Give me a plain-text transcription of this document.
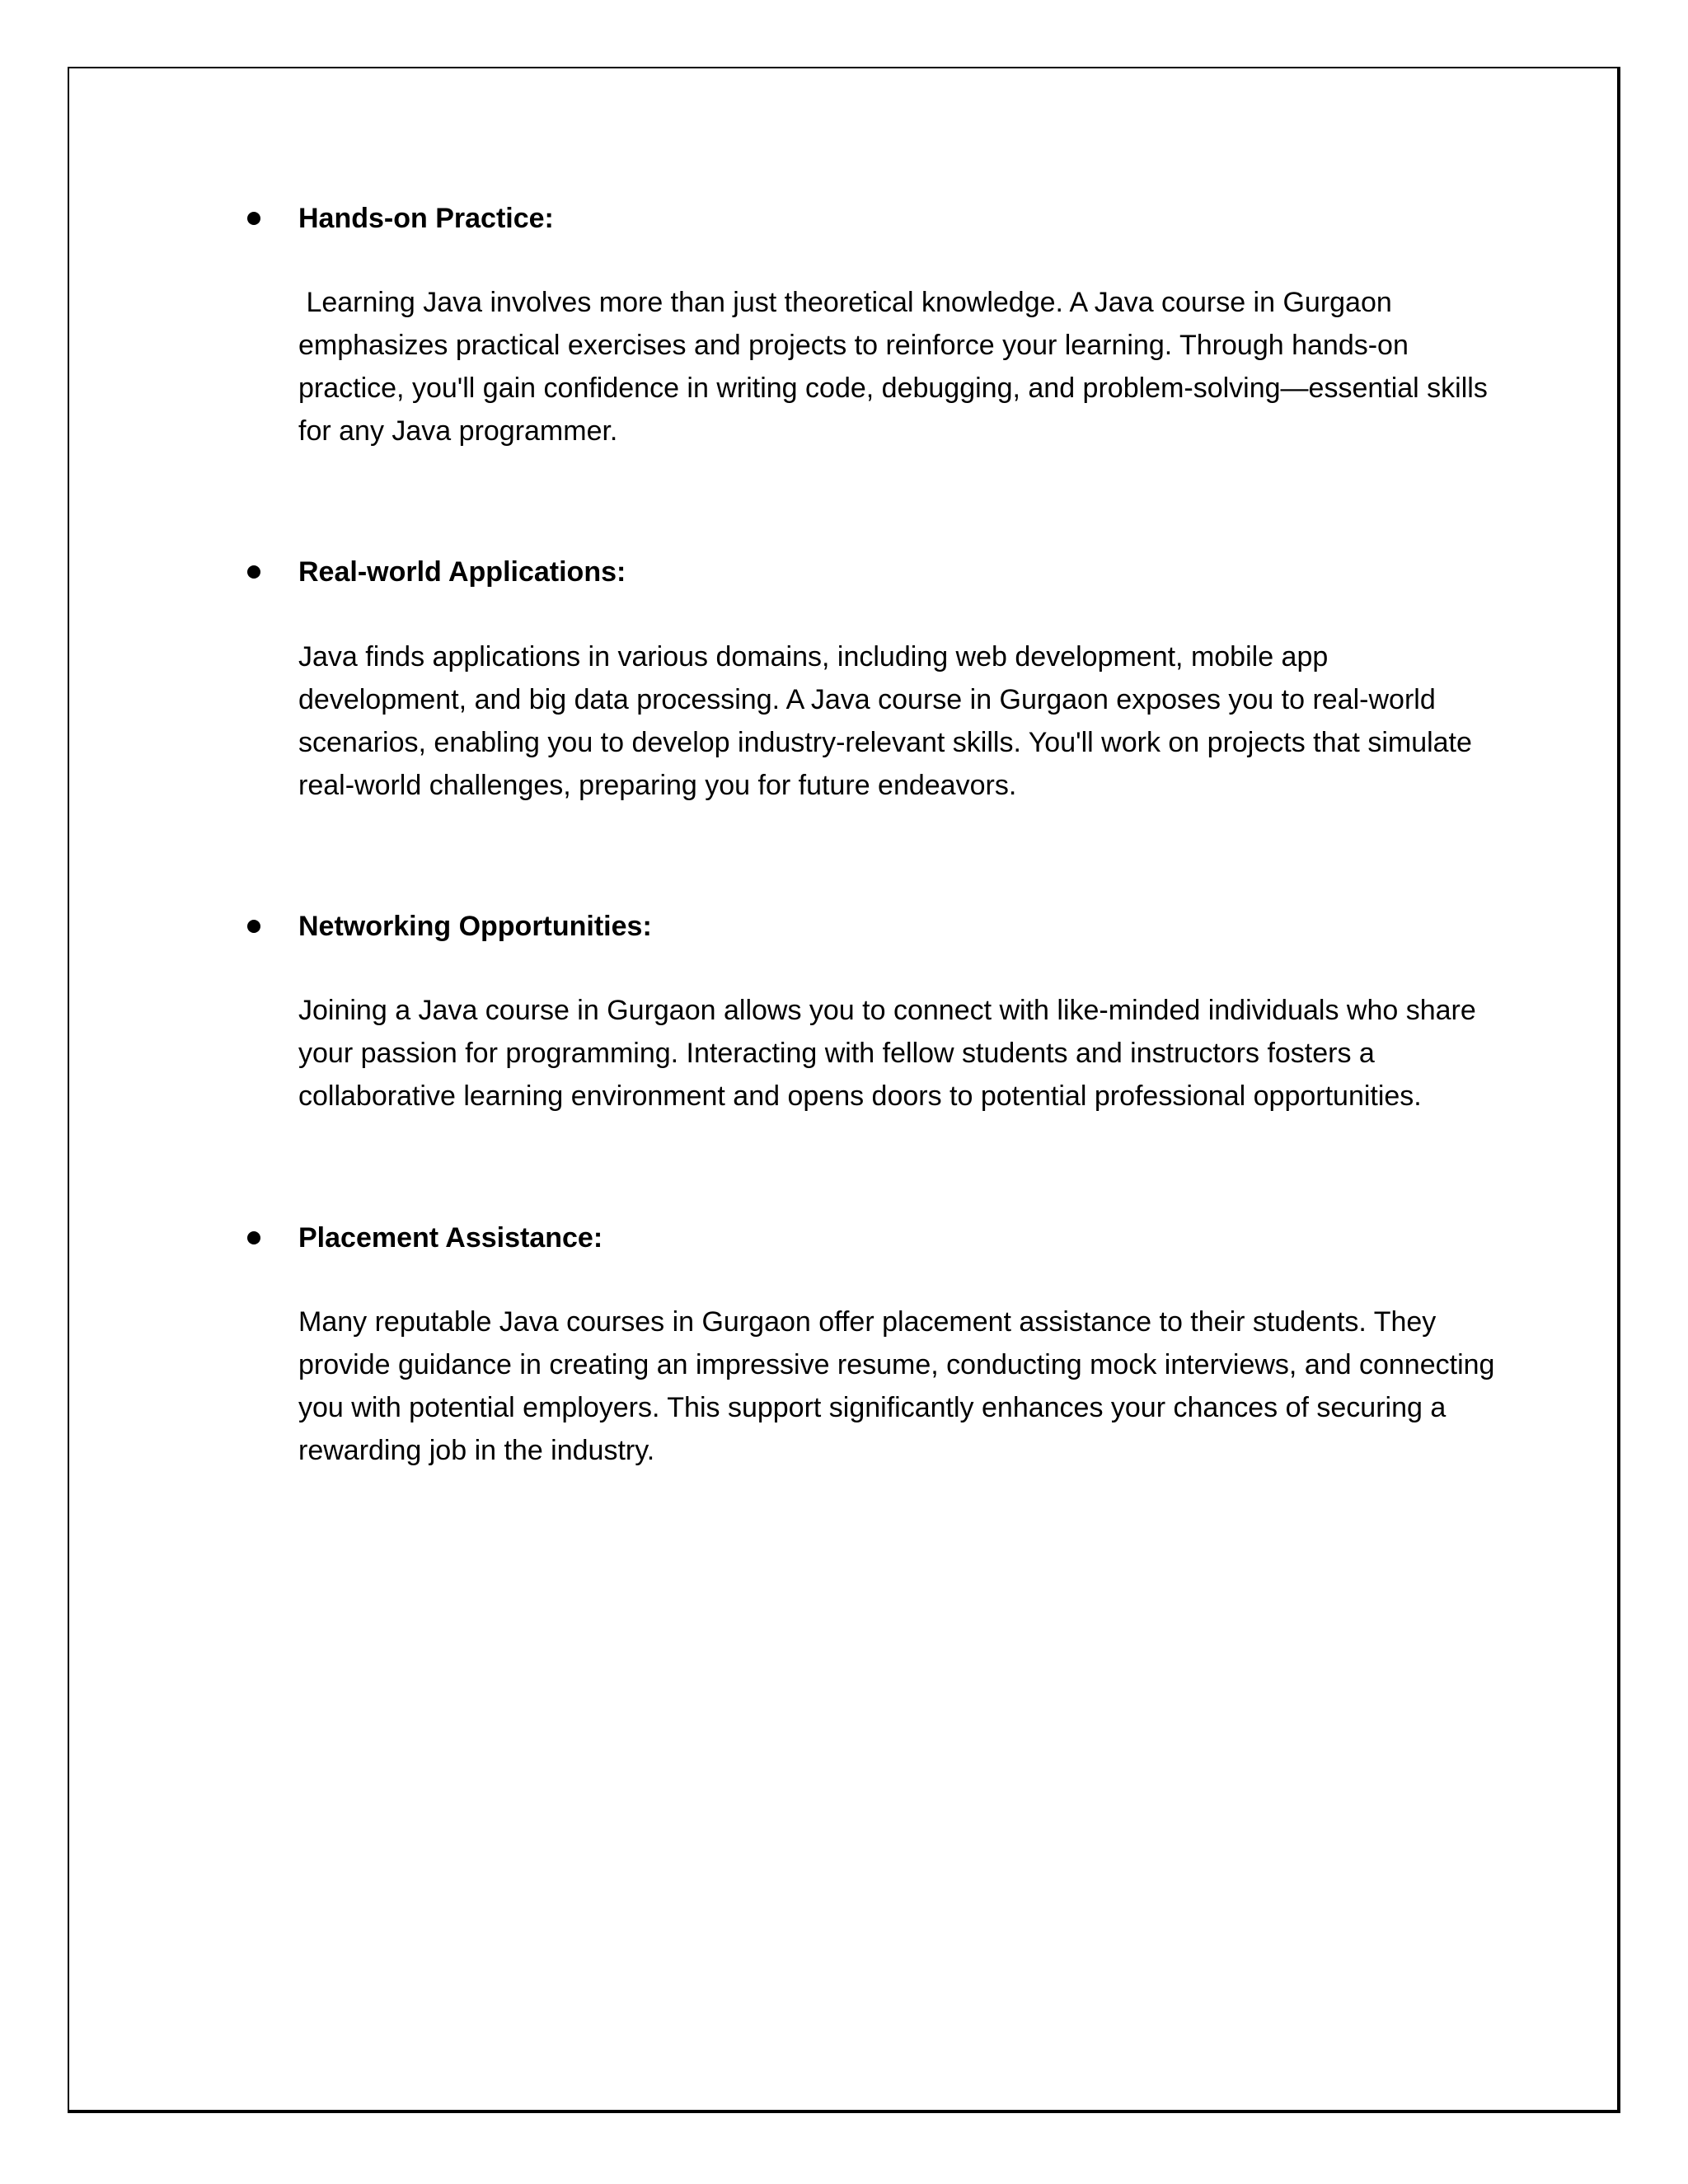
Hands-on Practice:
Learning Java involves more than just theoretical knowledge. A Java course in Gurgaon
emphasizes practical exercises and projects to reinforce your learning. Through hands-on
practice, you'll gain confidence in writing code, debugging, and problem-solving—essential skills
for any Java programmer.
Real-world Applications:
Java finds applications in various domains, including web development, mobile app
development, and big data processing. A Java course in Gurgaon exposes you to real-world
scenarios, enabling you to develop industry-relevant skills. You'll work on projects that simulate
real-world challenges, preparing you for future endeavors.
Networking Opportunities:
Joining a Java course in Gurgaon allows you to connect with like-minded individuals who share
your passion for programming. Interacting with fellow students and instructors fosters a
collaborative learning environment and opens doors to potential professional opportunities.
Placement Assistance:
Many reputable Java courses in Gurgaon offer placement assistance to their students. They
provide guidance in creating an impressive resume, conducting mock interviews, and connecting
you with potential employers. This support significantly enhances your chances of securing a
rewarding job in the industry.
